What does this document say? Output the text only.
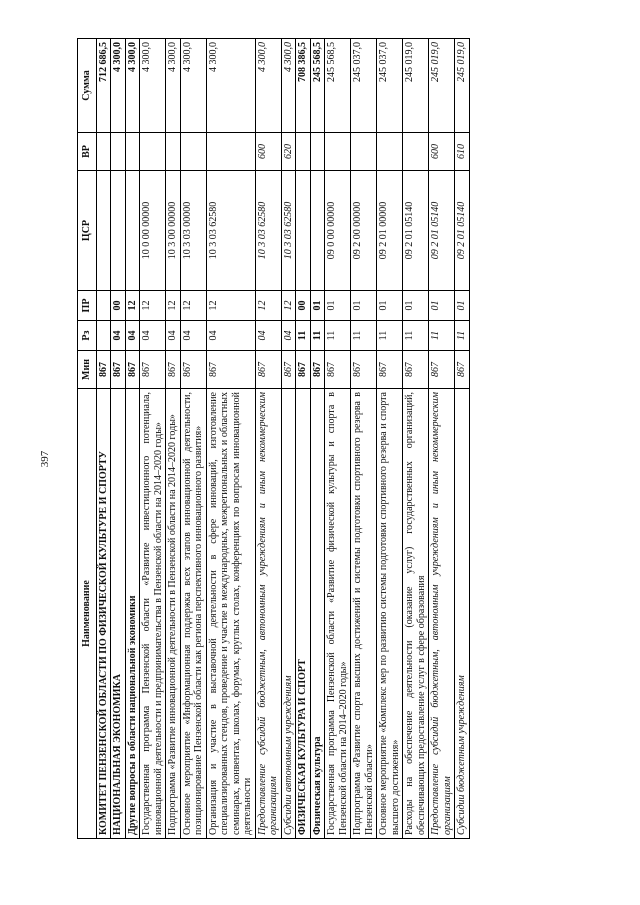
397
Наименование	Мин	Рз	ПР	ЦСР	ВР	Сумма
КОМИТЕТ ПЕНЗЕНСКОЙ ОБЛАСТИ ПО ФИЗИЧЕСКОЙ КУЛЬТУРЕ И СПОРТУ	867					712 686,5
НАЦИОНАЛЬНАЯ ЭКОНОМИКА	867	04	00			4 300,0
Другие вопросы в области национальной экономики	867	04	12			4 300,0
Государственная программа Пензенской области «Развитие инвестиционного потенциала, инновационной деятельности и предпринимательства в Пензенской области на 2014–2020 годы»	867	04	12	10 0 00 00000		4 300,0
Подпрограмма «Развитие инновационной деятельности в Пензенской области на 2014–2020 годы»	867	04	12	10 3 00 00000		4 300,0
Основное мероприятие «Информационная поддержка всех этапов инновационной деятельности, позиционирование Пензенской области как региона перспективного инновационного развития»	867	04	12	10 3 03 00000		4 300,0
Организация и участие в выставочной деятельности в сфере инноваций, изготовление специализированных стендов, проведение и участие в международных, межрегиональных и областных семинарах, конвентах, школах, форумах, круглых столах, конференциях по вопросам инновационной деятельности	867	04	12	10 3 03 62580		4 300,0
Предоставление субсидий бюджетным, автономным учреждениям и иным некоммерческим организациям	867	04	12	10 3 03 62580	600	4 300,0
Субсидии автономным учреждениям	867	04	12	10 3 03 62580	620	4 300,0
ФИЗИЧЕСКАЯ КУЛЬТУРА И СПОРТ	867	11	00			708 386,5
Физическая культура	867	11	01			245 568,5
Государственная программа Пензенской области «Развитие физической культуры и спорта в Пензенской области на 2014–2020 годы»	867	11	01	09 0 00 00000		245 568,5
Подпрограмма «Развитие спорта высших достижений и системы подготовки спортивного резерва в Пензенской области»	867	11	01	09 2 00 00000		245 037,0
Основное мероприятие «Комплекс мер по развитию системы подготовки спортивного резерва и спорта высшего достижения»	867	11	01	09 2 01 00000		245 037,0
Расходы на обеспечение деятельности (оказание услуг) государственных организаций, обеспечивающих предоставление услуг в сфере образования	867	11	01	09 2 01 05140		245 019,0
Предоставление субсидий бюджетным, автономным учреждениям и иным некоммерческим организациям	867	11	01	09 2 01 05140	600	245 019,0
Субсидии бюджетным учреждениям	867	11	01	09 2 01 05140	610	245 019,0
